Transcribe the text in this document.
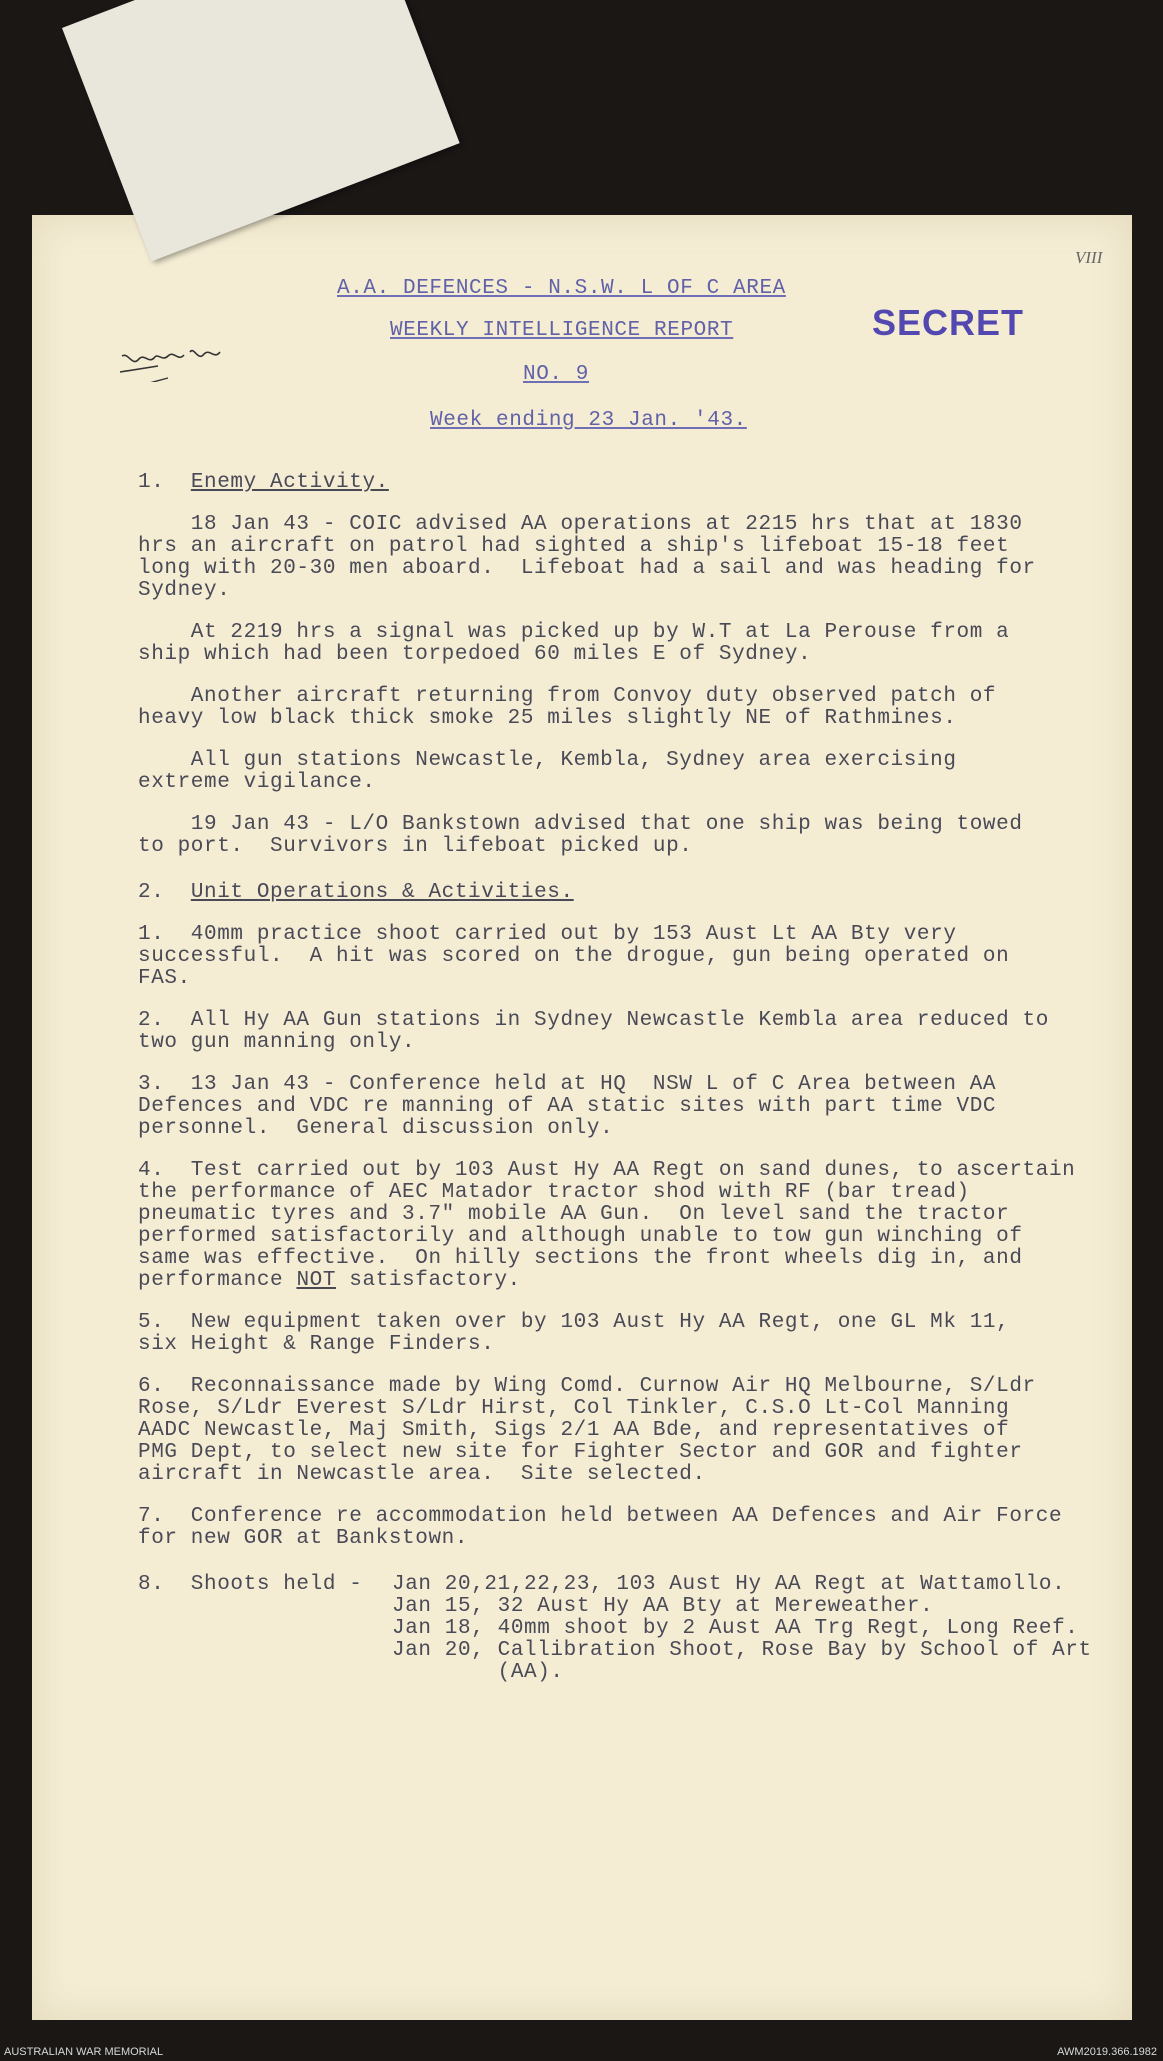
VIII
A.A. DEFENCES - N.S.W. L OF C AREA
WEEKLY INTELLIGENCE REPORT
NO. 9
Week ending 23 Jan. '43.
SECRET
1.  Enemy Activity.
18 Jan 43 - COIC advised AA operations at 2215 hrs that at 1830
hrs an aircraft on patrol had sighted a ship's lifeboat 15-18 feet
long with 20-30 men aboard.  Lifeboat had a sail and was heading for
Sydney.
At 2219 hrs a signal was picked up by W.T at La Perouse from a
ship which had been torpedoed 60 miles E of Sydney.
Another aircraft returning from Convoy duty observed patch of
heavy low black thick smoke 25 miles slightly NE of Rathmines.
All gun stations Newcastle, Kembla, Sydney area exercising
extreme vigilance.
19 Jan 43 - L/O Bankstown advised that one ship was being towed
to port.  Survivors in lifeboat picked up.
2.  Unit Operations & Activities.
1.  40mm practice shoot carried out by 153 Aust Lt AA Bty very
successful.  A hit was scored on the drogue, gun being operated on
FAS.
2.  All Hy AA Gun stations in Sydney Newcastle Kembla area reduced to
two gun manning only.
3.  13 Jan 43 - Conference held at HQ  NSW L of C Area between AA
Defences and VDC re manning of AA static sites with part time VDC
personnel.  General discussion only.
4.  Test carried out by 103 Aust Hy AA Regt on sand dunes, to ascertain
the performance of AEC Matador tractor shod with RF (bar tread)
pneumatic tyres and 3.7" mobile AA Gun.  On level sand the tractor
performed satisfactorily and although unable to tow gun winching of
same was effective.  On hilly sections the front wheels dig in, and
performance NOT satisfactory.
5.  New equipment taken over by 103 Aust Hy AA Regt, one GL Mk 11,
six Height & Range Finders.
6.  Reconnaissance made by Wing Comd. Curnow Air HQ Melbourne, S/Ldr
Rose, S/Ldr Everest S/Ldr Hirst, Col Tinkler, C.S.O Lt-Col Manning
AADC Newcastle, Maj Smith, Sigs 2/1 AA Bde, and representatives of
PMG Dept, to select new site for Fighter Sector and GOR and fighter
aircraft in Newcastle area.  Site selected.
7.  Conference re accommodation held between AA Defences and Air Force
for new GOR at Bankstown.
8.  Shoots held - Jan 20,21,22,23, 103 Aust Hy AA Regt at Wattamollo.
Jan 15, 32 Aust Hy AA Bty at Mereweather.
Jan 18, 40mm shoot by 2 Aust AA Trg Regt, Long Reef.
Jan 20, Callibration Shoot, Rose Bay by School of Art
(AA).
AUSTRALIAN WAR MEMORIAL	AWM2019.366.1982
